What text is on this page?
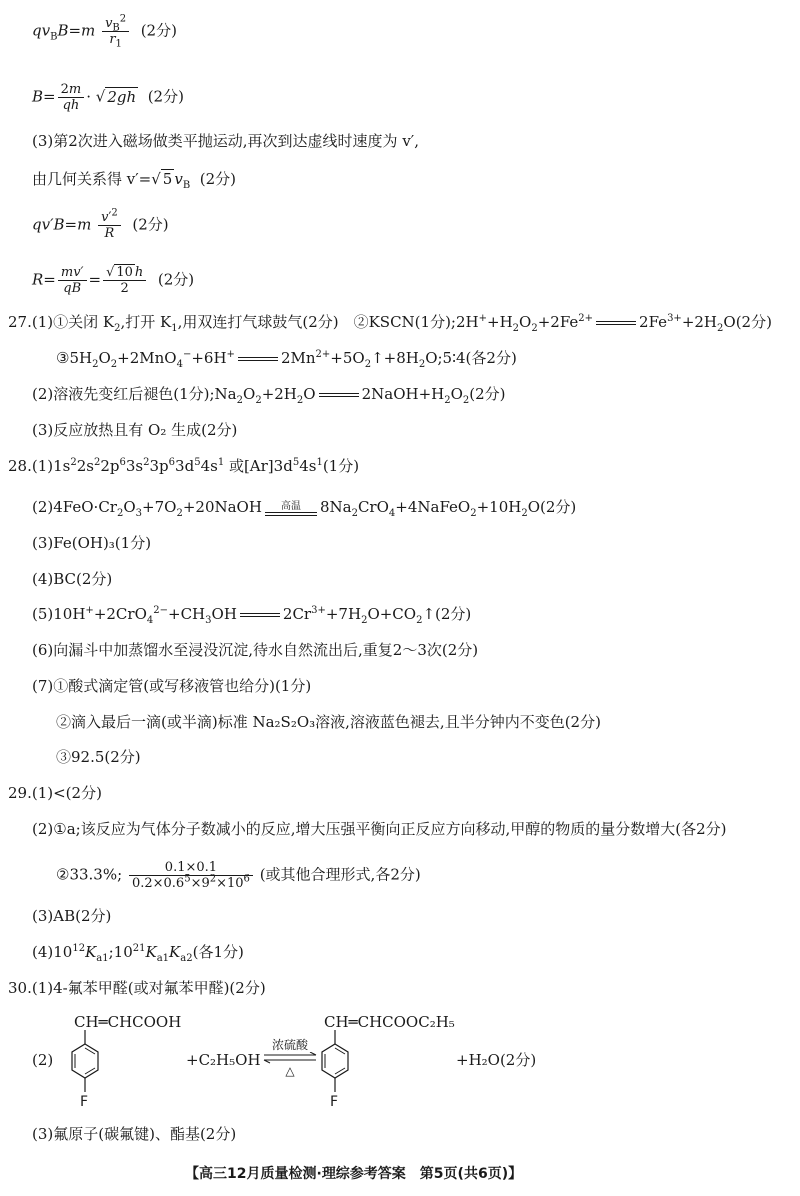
$qv_BB=m \frac{v_B^2}{r_1} (2$分)
$B= \frac{2m}{qh}$ · √ 2gh (2分)
(3)第2次进入磁场做类平抛运动,再次到达虚线时速度为 v′,
由几何关系得 v′=√ 5 $v_B$ (2分)
$qv'B=m \frac{v'^2}{R} (2$分)
$R= \frac{mv'}{qB} = \frac{√ 10 h}{2} (2$分)
27.(1)①关闭 $K_2$,打开 $K_1$,用双连打气球鼓气(2分)　②KSCN(1分)$;2H^++H_2O_2+2Fe^{2+}$	$2Fe^{3+}+2H_2O(2$分)
$③5H_2O_2+2MnO_4^-+6H^+$	$2Mn^{2+}+5O_2↑+8H_2O;5∶4$(各2分)
(2)溶液先变红后褪色(1分)$;Na_2O_2+2H_2O$	$2NaOH+H_2O_2(2$分)
(3)反应放热且有 O₂ 生成(2分)
$28.(1)1s^22s^22p^63s^23p^63d^54s^1$ 或$[Ar]3d^54s^1(1$分)
$(2)4FeO\cdot Cr_2O_3+7O_2+20NaOH$	高温	$8Na_2CrO_4+4NaFeO_2+10H_2O(2$分)
(3)Fe(OH)₃(1分)
(4)BC(2分)
$(5)10H^++2CrO_4^{2-}+CH_3OH$	$2Cr^{3+}+7H_2O+CO_2↑(2$分)
(6)向漏斗中加蒸馏水至浸没沉淀,待水自然流出后,重复2～3次(2分)
(7)①酸式滴定管(或写移液管也给分)(1分)
②滴入最后一滴(或半滴)标准 Na₂S₂O₃溶液,溶液蓝色褪去,且半分钟内不变色(2分)
③92.5(2分)
29.(1)<(2分)
(2)①a;该反应为气体分子数减小的反应,增大压强平衡向正反应方向移动,甲醇的物质的量分数增大(各2分)
②33.3%; $\frac{0.1\times 0.1}{0.2\times 0.6^5\times 9^2\times 10^6}$ (或其他合理形式,各2分)
(3)AB(2分)
$(4)10^{12}K_{a1};10^{21}K_{a1}K_{a2}$(各1分)
30.(1)4-氟苯甲醛(或对氟苯甲醛)(2分)
(2)
CH═CHCOOH
F
+C₂H₅OH
浓硫酸
△
CH═CHCOOC₂H₅
F
+H₂O(2分)
(3)氟原子(碳氟键)、酯基(2分)
【高三12月质量检测·理综参考答案　第5页(共6页)】
